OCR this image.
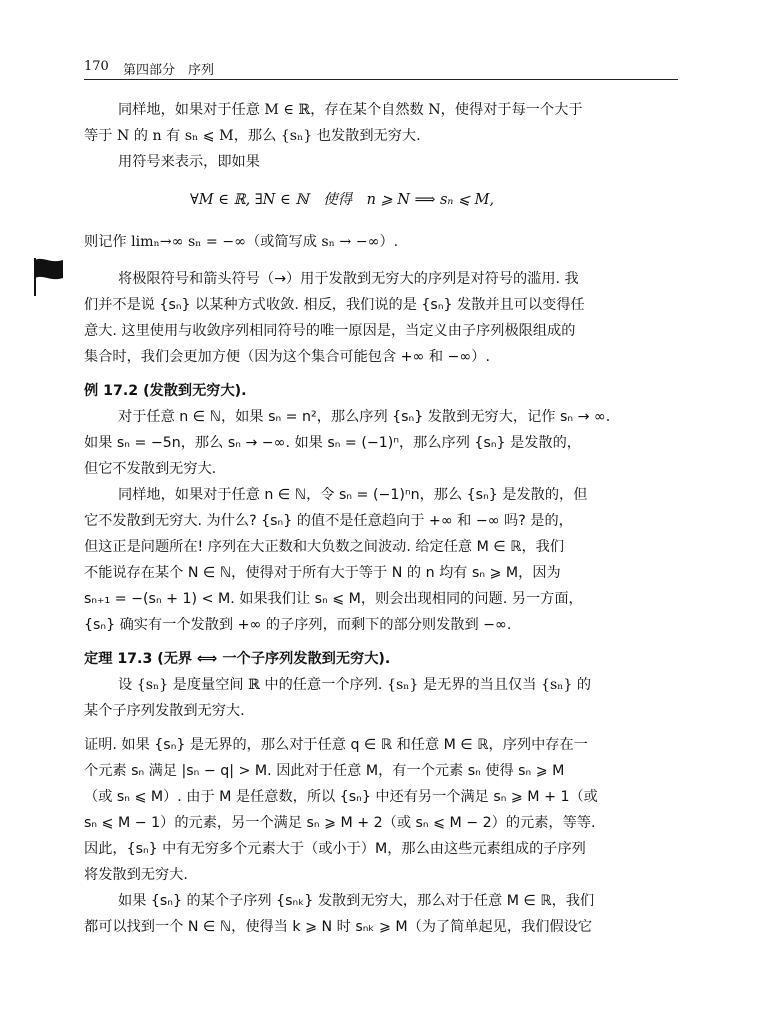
170 第四部分　序列
∀M ∈ ℝ, ∃N ∈ ℕ　使得　n ⩾ N ⟹ sₙ ⩽ M,
同样地，如果对于任意 M ∈ ℝ，存在某个自然数 N，使得对于每一个大于
等于 N 的 n 有 sₙ ⩽ M，那么 {sₙ} 也发散到无穷大.
用符号来表示，即如果
则记作 limₙ→∞ sₙ = −∞（或简写成 sₙ → −∞）.
将极限符号和箭头符号（→）用于发散到无穷大的序列是对符号的滥用. 我
们并不是说 {sₙ} 以某种方式收敛. 相反，我们说的是 {sₙ} 发散并且可以变得任
意大. 这里使用与收敛序列相同符号的唯一原因是，当定义由子序列极限组成的
集合时，我们会更加方便（因为这个集合可能包含 +∞ 和 −∞）.
例 17.2 (发散到无穷大).
对于任意 n ∈ ℕ，如果 sₙ = n²，那么序列 {sₙ} 发散到无穷大，记作 sₙ → ∞.
如果 sₙ = −5n，那么 sₙ → −∞. 如果 sₙ = (−1)ⁿ，那么序列 {sₙ} 是发散的，
但它不发散到无穷大.
同样地，如果对于任意 n ∈ ℕ，令 sₙ = (−1)ⁿn，那么 {sₙ} 是发散的，但
它不发散到无穷大. 为什么? {sₙ} 的值不是任意趋向于 +∞ 和 −∞ 吗? 是的，
但这正是问题所在! 序列在大正数和大负数之间波动. 给定任意 M ∈ ℝ，我们
不能说存在某个 N ∈ ℕ，使得对于所有大于等于 N 的 n 均有 sₙ ⩾ M，因为
sₙ₊₁ = −(sₙ + 1) < M. 如果我们让 sₙ ⩽ M，则会出现相同的问题. 另一方面，
{sₙ} 确实有一个发散到 +∞ 的子序列，而剩下的部分则发散到 −∞.
定理 17.3 (无界 ⟺ 一个子序列发散到无穷大).
设 {sₙ} 是度量空间 ℝ 中的任意一个序列. {sₙ} 是无界的当且仅当 {sₙ} 的
某个子序列发散到无穷大.
证明. 如果 {sₙ} 是无界的，那么对于任意 q ∈ ℝ 和任意 M ∈ ℝ，序列中存在一
个元素 sₙ 满足 |sₙ − q| > M. 因此对于任意 M，有一个元素 sₙ 使得 sₙ ⩾ M
（或 sₙ ⩽ M）. 由于 M 是任意数，所以 {sₙ} 中还有另一个满足 sₙ ⩾ M + 1（或
sₙ ⩽ M − 1）的元素，另一个满足 sₙ ⩾ M + 2（或 sₙ ⩽ M − 2）的元素，等等.
因此，{sₙ} 中有无穷多个元素大于（或小于）M，那么由这些元素组成的子序列
将发散到无穷大.
如果 {sₙ} 的某个子序列 {sₙₖ} 发散到无穷大，那么对于任意 M ∈ ℝ，我们
都可以找到一个 N ∈ ℕ，使得当 k ⩾ N 时 sₙₖ ⩾ M（为了简单起见，我们假设它
